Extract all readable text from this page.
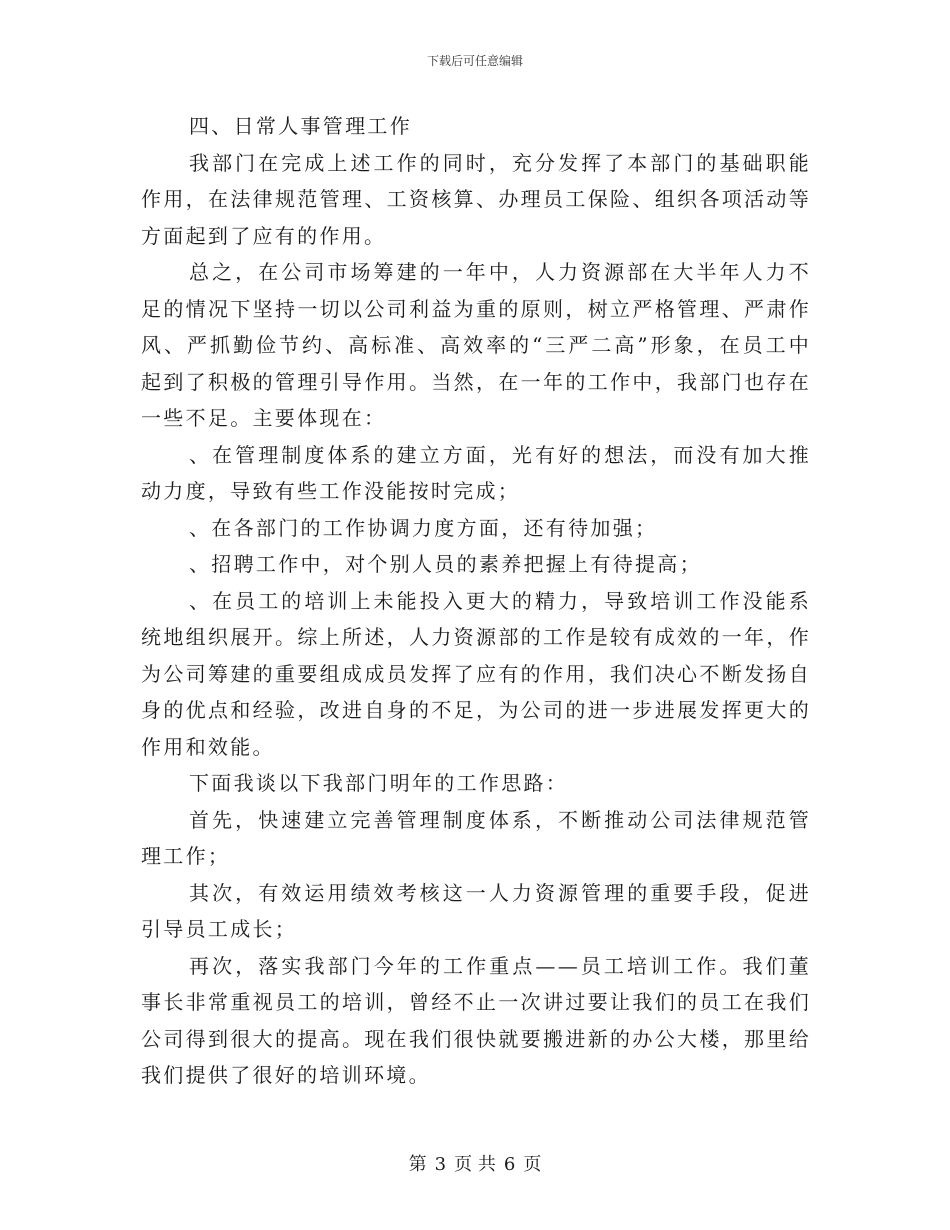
下载后可任意编辑

四、日常人事管理工作

我部门在完成上述工作的同时，充分发挥了本部门的基础职能作用，在法律规范管理、工资核算、办理员工保险、组织各项活动等方面起到了应有的作用。

总之，在公司市场筹建的一年中，人力资源部在大半年人力不足的情况下坚持一切以公司利益为重的原则，树立严格管理、严肃作风、严抓勤俭节约、高标准、高效率的“三严二高”形象，在员工中起到了积极的管理引导作用。当然，在一年的工作中，我部门也存在一些不足。主要体现在：

、在管理制度体系的建立方面，光有好的想法，而没有加大推动力度，导致有些工作没能按时完成；

、在各部门的工作协调力度方面，还有待加强；

、招聘工作中，对个别人员的素养把握上有待提高；

、在员工的培训上未能投入更大的精力，导致培训工作没能系统地组织展开。综上所述，人力资源部的工作是较有成效的一年，作为公司筹建的重要组成成员发挥了应有的作用，我们决心不断发扬自身的优点和经验，改进自身的不足，为公司的进一步进展发挥更大的作用和效能。

下面我谈以下我部门明年的工作思路：

首先，快速建立完善管理制度体系，不断推动公司法律规范管理工作；

其次，有效运用绩效考核这一人力资源管理的重要手段，促进引导员工成长；

再次，落实我部门今年的工作重点——员工培训工作。我们董事长非常重视员工的培训，曾经不止一次讲过要让我们的员工在我们公司得到很大的提高。现在我们很快就要搬进新的办公大楼，那里给我们提供了很好的培训环境。

第 3 页 共 6 页
